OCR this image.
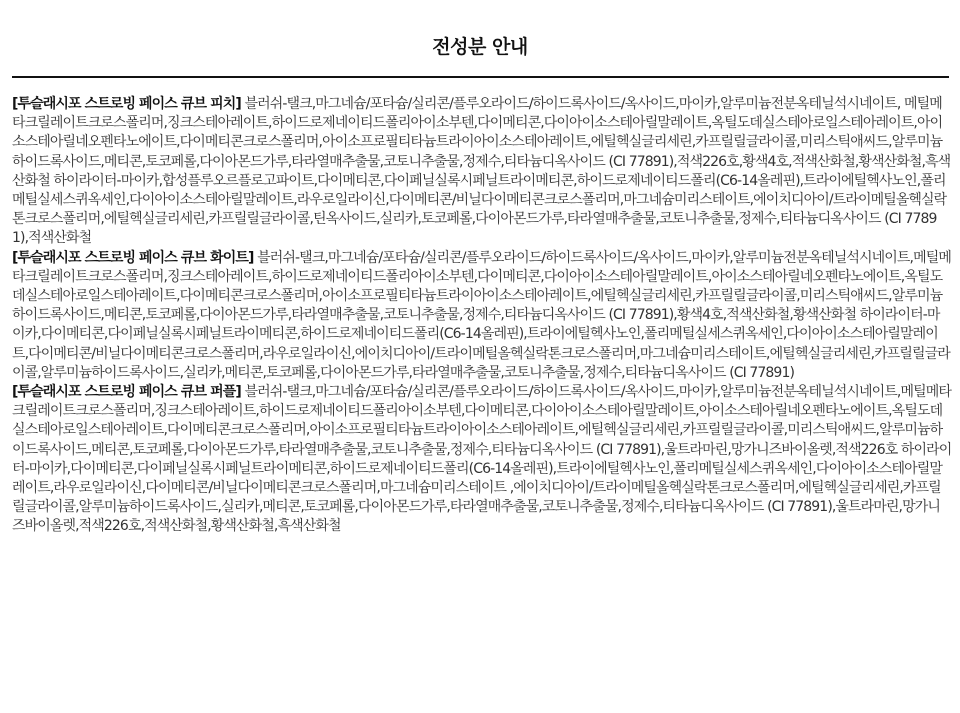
전성분 안내
[투슬래시포 스트로빙 페이스 큐브 피치] 블러쉬-탤크,마그네슘/포타슘/실리콘/플루오라이드/하이드록사이드/옥사이드,마이카,알루미늄전분옥테닐석시네이트, 메틸메타크릴레이트크로스폴리머,징크스테아레이트,하이드로제네이티드폴리아이소부텐,다이메티콘,다이아이소스테아릴말레이트,옥틸도데실스테아로일스테아레이트,아이소스테아릴네오펜타노에이트,다이메티콘크로스폴리머,아이소프로필티타늄트라이아이소스테아레이트,에틸헥실글리세린,카프릴릴글라이콜,미리스틱애씨드,알루미늄하이드록사이드,메티콘,토코페롤,다이아몬드가루,타라열매추출물,코토니추출물,정제수,티타늄디옥사이드 (CI 77891),적색226호,황색4호,적색산화철,황색산화철,흑색산화철 하이라이터-마이카,합성플루오르플로고파이트,다이메티콘,다이페닐실록시페닐트라이메티콘,하이드로제네이티드폴리(C6-14올레핀),트라이에틸헥사노인,폴리메틸실세스퀴옥세인,다이아이소스테아릴말레이트,라우로일라이신,다이메티콘/비닐다이메티콘크로스폴리머,마그네슘미리스테이트,에이치디아이/트라이메틸올헥실락톤크로스폴리머,에틸헥실글리세린,카프릴릴글라이콜,틴옥사이드,실리카,토코페롤,다이아몬드가루,타라열매추출물,코토니추출물,정제수,티타늄디옥사이드 (CI 77891),적색산화철
[투슬래시포 스트로빙 페이스 큐브 화이트] 블러쉬-탤크,마그네슘/포타슘/실리콘/플루오라이드/하이드록사이드/옥사이드,마이카,알루미늄전분옥테닐석시네이트,메틸메타크릴레이트크로스폴리머,징크스테아레이트,하이드로제네이티드폴리아이소부텐,다이메티콘,다이아이소스테아릴말레이트,아이소스테아릴네오펜타노에이트,옥틸도데실스테아로일스테아레이트,다이메티콘크로스폴리머,아이소프로필티타늄트라이아이소스테아레이트,에틸헥실글리세린,카프릴릴글라이콜,미리스틱애씨드,알루미늄하이드록사이드,메티콘,토코페롤,다이아몬드가루,타라열매추출물,코토니추출물,정제수,티타늄디옥사이드 (CI 77891),황색4호,적색산화철,황색산화철 하이라이터-마이카,다이메티콘,다이페닐실록시페닐트라이메티콘,하이드로제네이티드폴리(C6-14올레핀),트라이에틸헥사노인,폴리메틸실세스퀴옥세인,다이아이소스테아릴말레이트,다이메티콘/비닐다이메티콘크로스폴리머,라우로일라이신,에이치디아이/트라이메틸올헥실락톤크로스폴리머,마그네슘미리스테이트,에틸헥실글리세린,카프릴릴글라이콜,알루미늄하이드록사이드,실리카,메티콘,토코페롤,다이아몬드가루,타라열매추출물,코토니추출물,정제수,티타늄디옥사이드 (CI 77891)
[투슬래시포 스트로빙 페이스 큐브 퍼플] 블러쉬-탤크,마그네슘/포타슘/실리콘/플루오라이드/하이드록사이드/옥사이드,마이카,알루미늄전분옥테닐석시네이트,메틸메타크릴레이트크로스폴리머,징크스테아레이트,하이드로제네이티드폴리아이소부텐,다이메티콘,다이아이소스테아릴말레이트,아이소스테아릴네오펜타노에이트,옥틸도데실스테아로일스테아레이트,다이메티콘크로스폴리머,아이소프로필티타늄트라이아이소스테아레이트,에틸헥실글리세린,카프릴릴글라이콜,미리스틱애씨드,알루미늄하이드록사이드,메티콘,토코페롤,다이아몬드가루,타라열매추출물,코토니추출물,정제수,티타늄디옥사이드 (CI 77891),울트라마린,망가니즈바이올렛,적색226호 하이라이터-마이카,다이메티콘,다이페닐실록시페닐트라이메티콘,하이드로제네이티드폴리(C6-14올레핀),트라이에틸헥사노인,폴리메틸실세스퀴옥세인,다이아이소스테아릴말레이트,라우로일라이신,다이메티콘/비닐다이메티콘크로스폴리머,마그네슘미리스테이트 ,에이치디아이/트라이메틸올헥실락톤크로스폴리머,에틸헥실글리세린,카프릴릴글라이콜,알루미늄하이드록사이드,실리카,메티콘,토코페롤,다이아몬드가루,타라열매추출물,코토니추출물,정제수,티타늄디옥사이드 (CI 77891),울트라마린,망가니즈바이올렛,적색226호,적색산화철,황색산화철,흑색산화철
